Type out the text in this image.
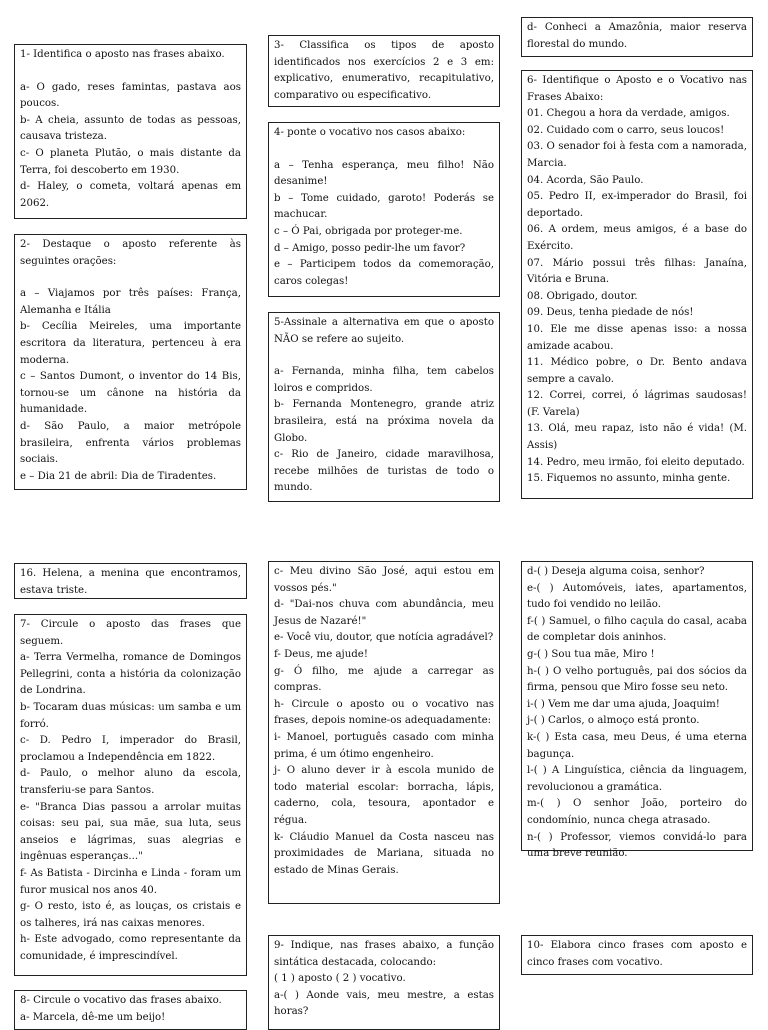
1- Identifica o aposto nas frases abaixo.

a- O gado, reses famintas, pastava aos poucos.

b- A cheia, assunto de todas as pessoas, causava tristeza.

c- O planeta Plutão, o mais distante da Terra, foi descoberto em 1930.

d- Haley, o cometa, voltará apenas em 2062.

2- Destaque o aposto referente às seguintes orações:

a – Viajamos por três países: França, Alemanha e Itália

b- Cecília Meireles, uma importante escritora da literatura, pertenceu à era moderna.

c – Santos Dumont, o inventor do 14 Bis, tornou-se um cânone na história da humanidade.

d- São Paulo, a maior metrópole brasileira, enfrenta vários problemas sociais.

e – Dia 21 de abril: Dia de Tiradentes.

16. Helena, a menina que encontramos, estava triste.

7- Circule o aposto das frases que seguem.

a- Terra Vermelha, romance de Domingos Pellegrini, conta a história da colonização de Londrina.

b- Tocaram duas músicas: um samba e um forró.

c- D. Pedro I, imperador do Brasil, proclamou a Independência em 1822.

d- Paulo, o melhor aluno da escola, transferiu-se para Santos.

e- "Branca Dias passou a arrolar muitas coisas: seu pai, sua mãe, sua luta, seus anseios e lágrimas, suas alegrias e ingênuas esperanças..."

f- As Batista - Dircinha e Linda - foram um furor musical nos anos 40.

g- O resto, isto é, as louças, os cristais e os talheres, irá nas caixas menores.

h- Este advogado, como representante da comunidade, é imprescindível.

8- Circule o vocativo das frases abaixo.

a- Marcela, dê-me um beijo!

3- Classifica os tipos de aposto identificados nos exercícios 2 e 3 em: explicativo, enumerativo, recapitulativo, comparativo ou especificativo.

4- ponte o vocativo nos casos abaixo:

a – Tenha esperança, meu filho! Não desanime!

b – Tome cuidado, garoto! Poderás se machucar.

c – Ó Pai, obrigada por proteger-me.

d – Amigo, posso pedir-lhe um favor?

e – Participem todos da comemoração, caros colegas!

5-Assinale a alternativa em que o aposto NÃO se refere ao sujeito.

a- Fernanda, minha filha, tem cabelos loiros e compridos.

b- Fernanda Montenegro, grande atriz brasileira, está na próxima novela da Globo.

c- Rio de Janeiro, cidade maravilhosa, recebe milhões de turistas de todo o mundo.

c- Meu divino São José, aqui estou em vossos pés."

d- "Dai-nos chuva com abundância, meu Jesus de Nazaré!"

e- Você viu, doutor, que notícia agradável?

f- Deus, me ajude!

g- Ó filho, me ajude a carregar as compras.

h- Circule o aposto ou o vocativo nas frases, depois nomine-os adequadamente:

i- Manoel, português casado com minha prima, é um ótimo engenheiro.

j- O aluno dever ir à escola munido de todo material escolar: borracha, lápis, caderno, cola, tesoura, apontador e régua.

k- Cláudio Manuel da Costa nasceu nas proximidades de Mariana, situada no estado de Minas Gerais.

9- Indique, nas frases abaixo, a função sintática destacada, colocando:

( 1 ) aposto ( 2 ) vocativo.

a-( ) Aonde vais, meu mestre, a estas horas?

d- Conheci a Amazônia, maior reserva florestal do mundo.

6- Identifique o Aposto e o Vocativo nas Frases Abaixo:

01. Chegou a hora da verdade, amigos.

02. Cuidado com o carro, seus loucos!

03. O senador foi à festa com a namorada, Marcia.

04. Acorda, São Paulo.

05. Pedro II, ex-imperador do Brasil, foi deportado.

06. A ordem, meus amigos, é a base do Exército.

07. Mário possui três filhas: Janaína, Vitória e Bruna.

08. Obrigado, doutor.

09. Deus, tenha piedade de nós!

10. Ele me disse apenas isso: a nossa amizade acabou.

11. Médico pobre, o Dr. Bento andava sempre a cavalo.

12. Correi, correi, ó lágrimas saudosas! (F. Varela)

13. Olá, meu rapaz, isto não é vida! (M. Assis)

14. Pedro, meu irmão, foi eleito deputado.

15. Fiquemos no assunto, minha gente.

d-( ) Deseja alguma coisa, senhor?

e-( ) Automóveis, iates, apartamentos, tudo foi vendido no leilão.

f-( ) Samuel, o filho caçula do casal, acaba de completar dois aninhos.

g-( ) Sou tua mãe, Miro !

h-( ) O velho português, pai dos sócios da firma, pensou que Miro fosse seu neto.

i-( ) Vem me dar uma ajuda, Joaquim!

j-( ) Carlos, o almoço está pronto.

k-( ) Esta casa, meu Deus, é uma eterna bagunça.

l-( ) A Linguística, ciência da linguagem, revolucionou a gramática.

m-( ) O senhor João, porteiro do condomínio, nunca chega atrasado.

n-( ) Professor, viemos convidá-lo para uma breve reunião.

10- Elabora cinco frases com aposto e cinco frases com vocativo.
